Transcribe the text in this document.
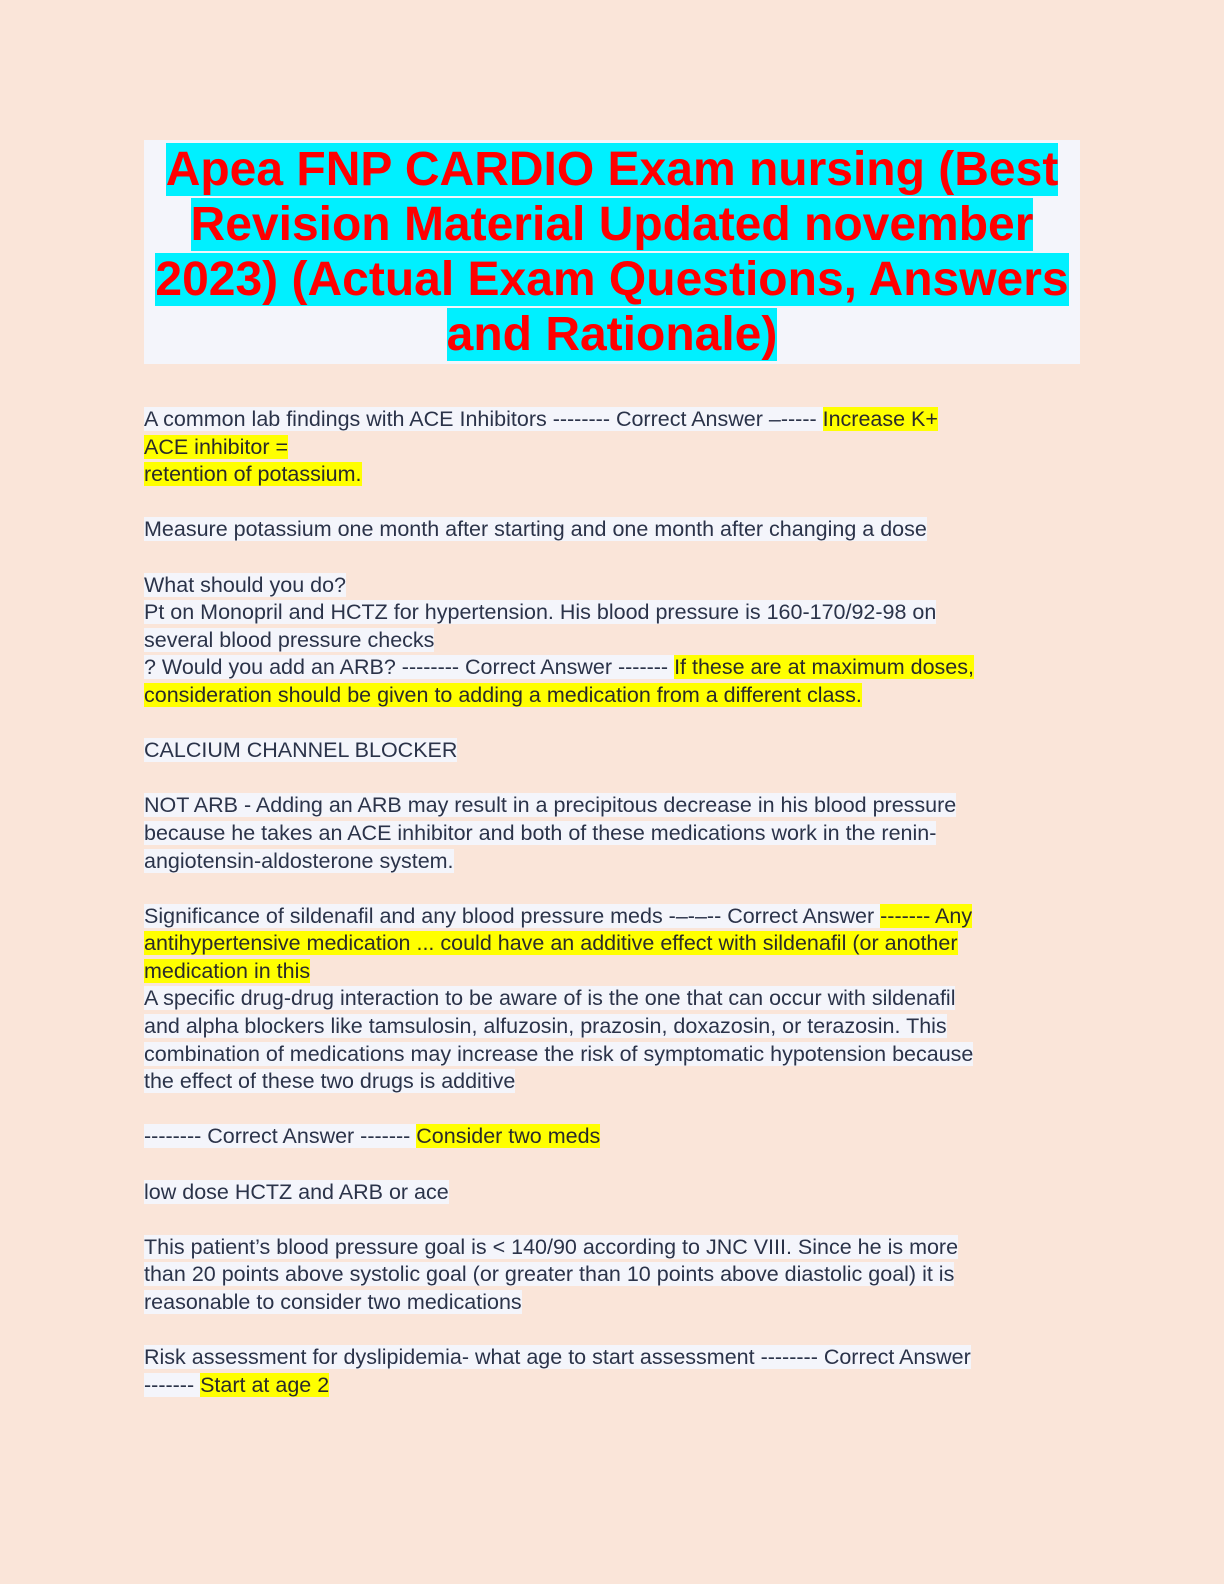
Apea FNP CARDIO Exam nursing (Best
Revision Material Updated november
2023) (Actual Exam Questions, Answers
and Rationale)

A common lab findings with ACE Inhibitors -------- Correct Answer –----- Increase K+
ACE inhibitor =
retention of potassium.

Measure potassium one month after starting and one month after changing a dose

What should you do?
Pt on Monopril and HCTZ for hypertension. His blood pressure is 160-170/92-98 on
several blood pressure checks
? Would you add an ARB? -------- Correct Answer ------- If these are at maximum doses,
consideration should be given to adding a medication from a different class.

CALCIUM CHANNEL BLOCKER

NOT ARB - Adding an ARB may result in a precipitous decrease in his blood pressure
because he takes an ACE inhibitor and both of these medications work in the renin-
angiotensin-aldosterone system.

Significance of sildenafil and any blood pressure meds -–-–-- Correct Answer ------- Any
antihypertensive medication ... could have an additive effect with sildenafil (or another
medication in this
A specific drug-drug interaction to be aware of is the one that can occur with sildenafil
and alpha blockers like tamsulosin, alfuzosin, prazosin, doxazosin, or terazosin. This
combination of medications may increase the risk of symptomatic hypotension because
the effect of these two drugs is additive

-------- Correct Answer ------- Consider two meds

low dose HCTZ and ARB or ace

This patient’s blood pressure goal is < 140/90 according to JNC VIII. Since he is more
than 20 points above systolic goal (or greater than 10 points above diastolic goal) it is
reasonable to consider two medications

Risk assessment for dyslipidemia- what age to start assessment -------- Correct Answer
------- Start at age 2
